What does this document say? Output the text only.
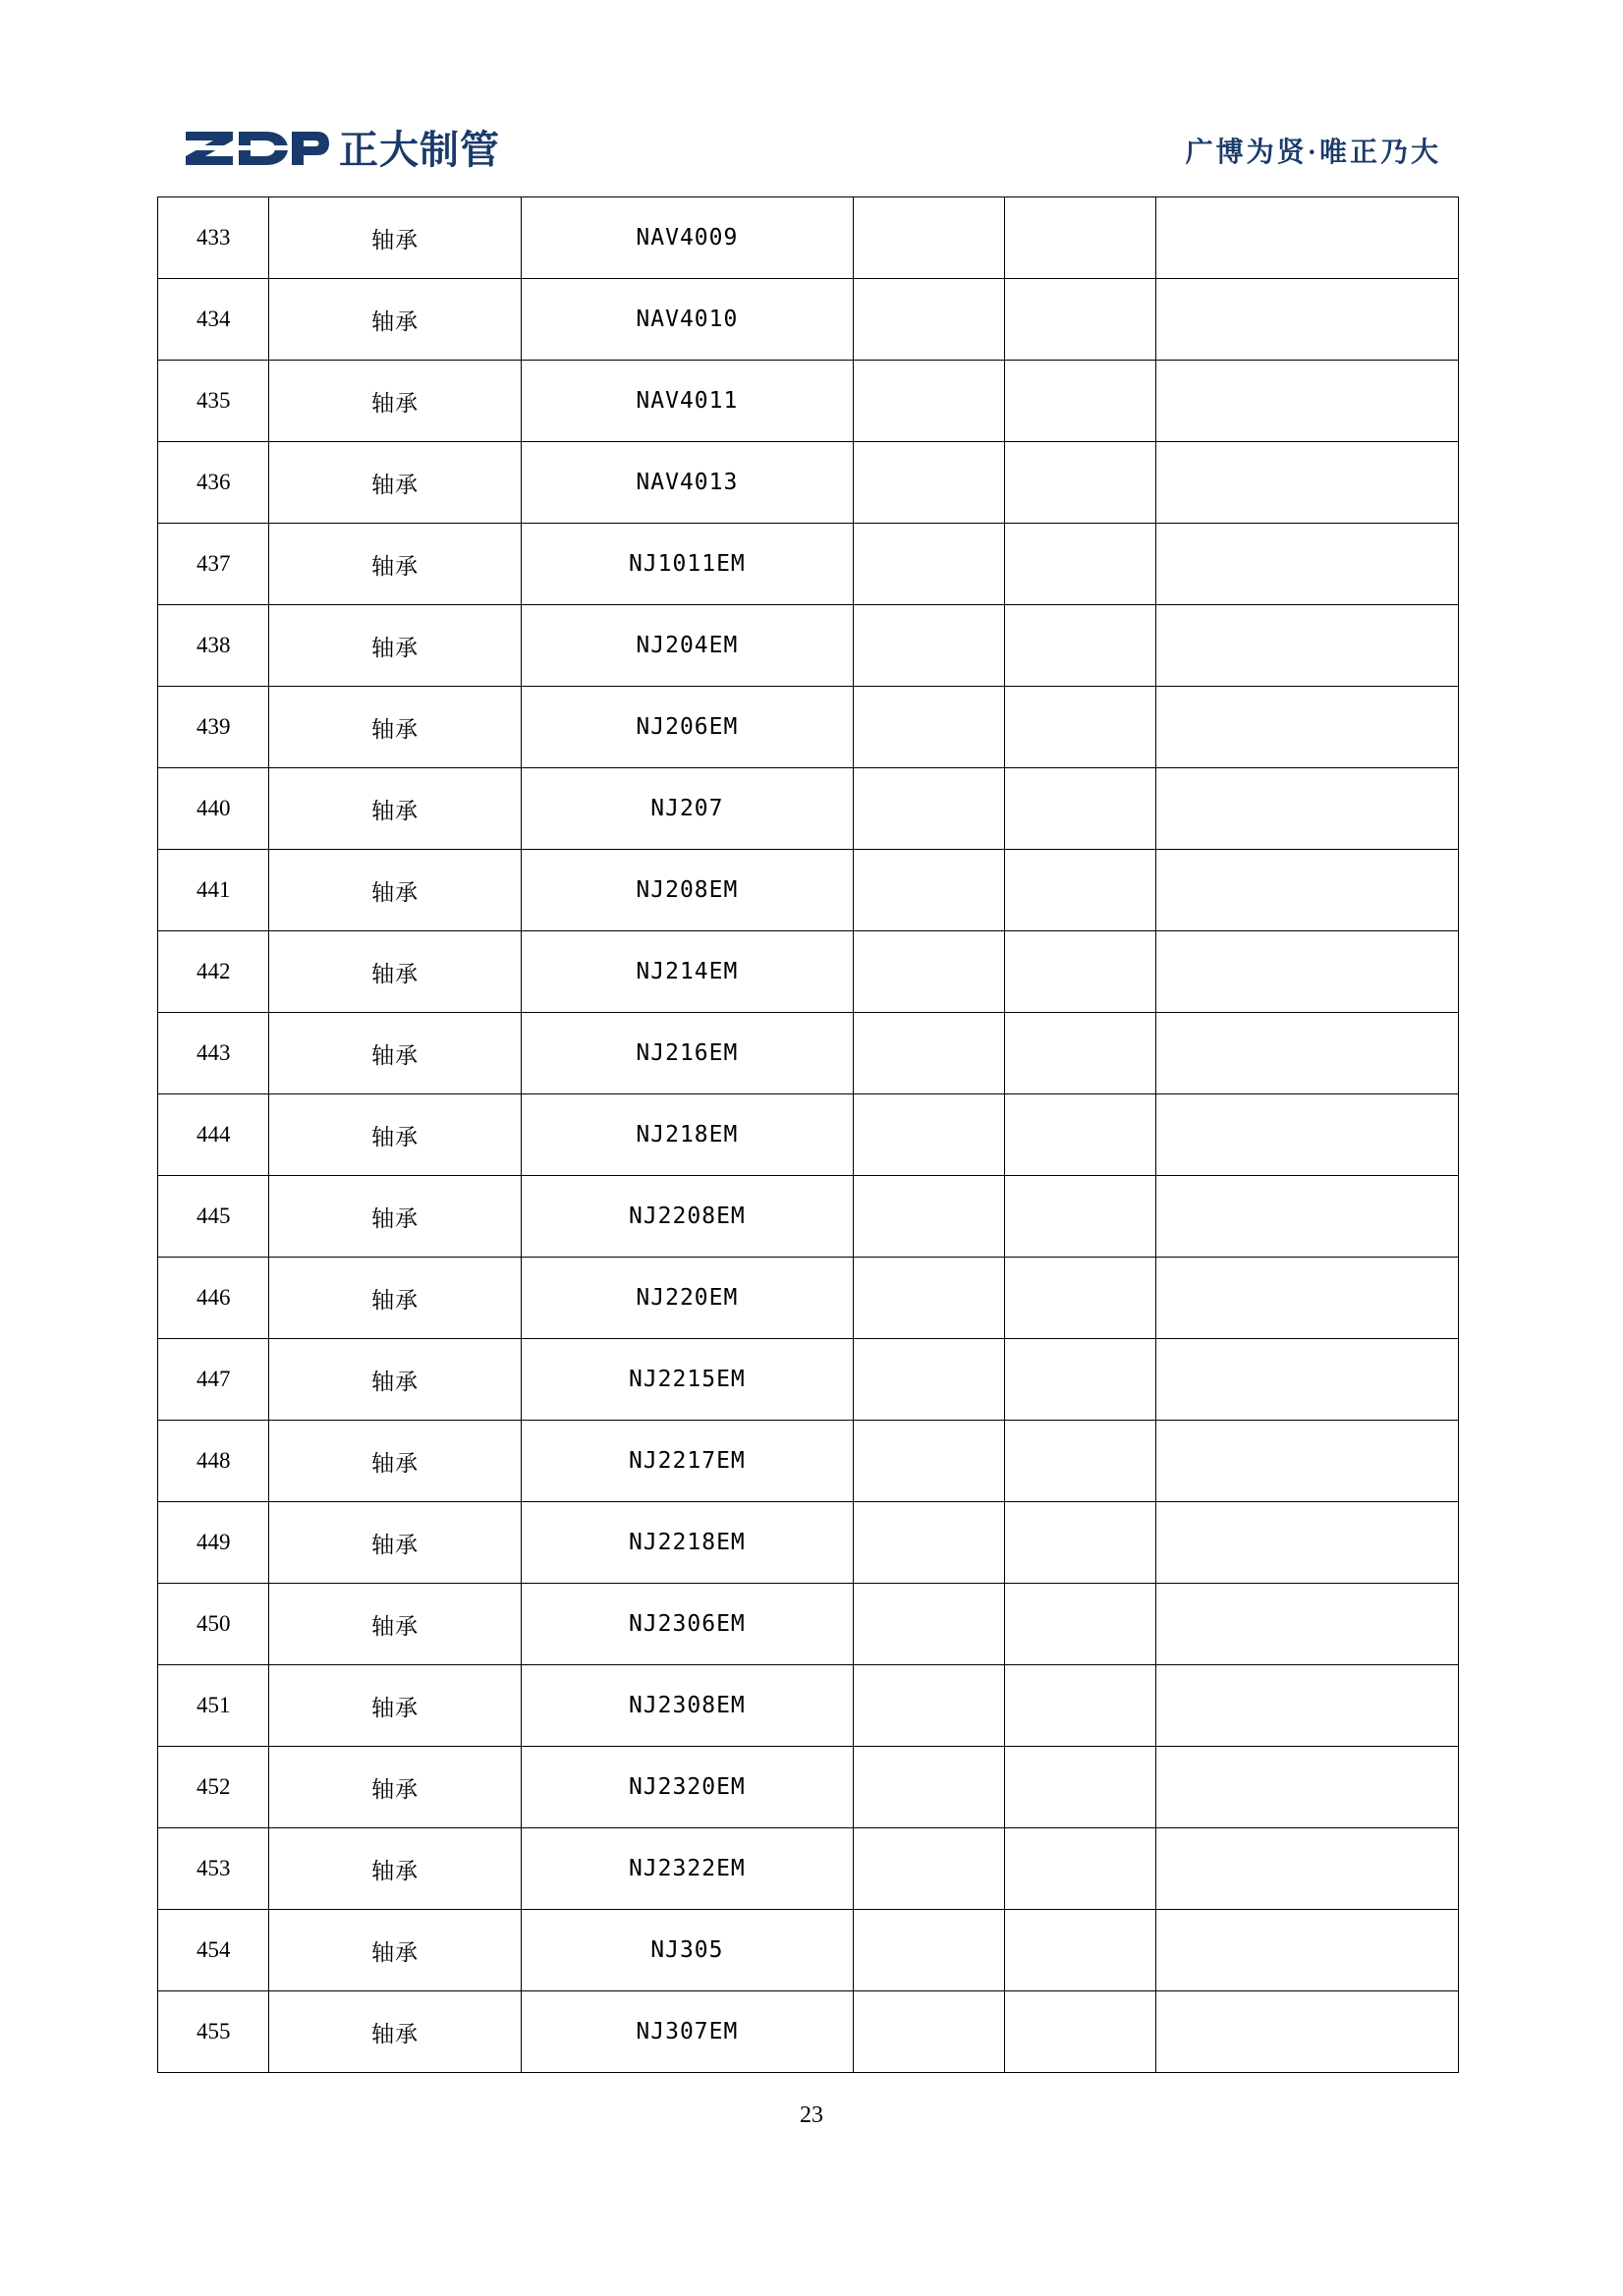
正大制管	广博为贤·唯正乃大
433	轴承	NAV4009			
434	轴承	NAV4010			
435	轴承	NAV4011			
436	轴承	NAV4013			
437	轴承	NJ1011EM			
438	轴承	NJ204EM			
439	轴承	NJ206EM			
440	轴承	NJ207			
441	轴承	NJ208EM			
442	轴承	NJ214EM			
443	轴承	NJ216EM			
444	轴承	NJ218EM			
445	轴承	NJ2208EM			
446	轴承	NJ220EM			
447	轴承	NJ2215EM			
448	轴承	NJ2217EM			
449	轴承	NJ2218EM			
450	轴承	NJ2306EM			
451	轴承	NJ2308EM			
452	轴承	NJ2320EM			
453	轴承	NJ2322EM			
454	轴承	NJ305			
455	轴承	NJ307EM			
23
